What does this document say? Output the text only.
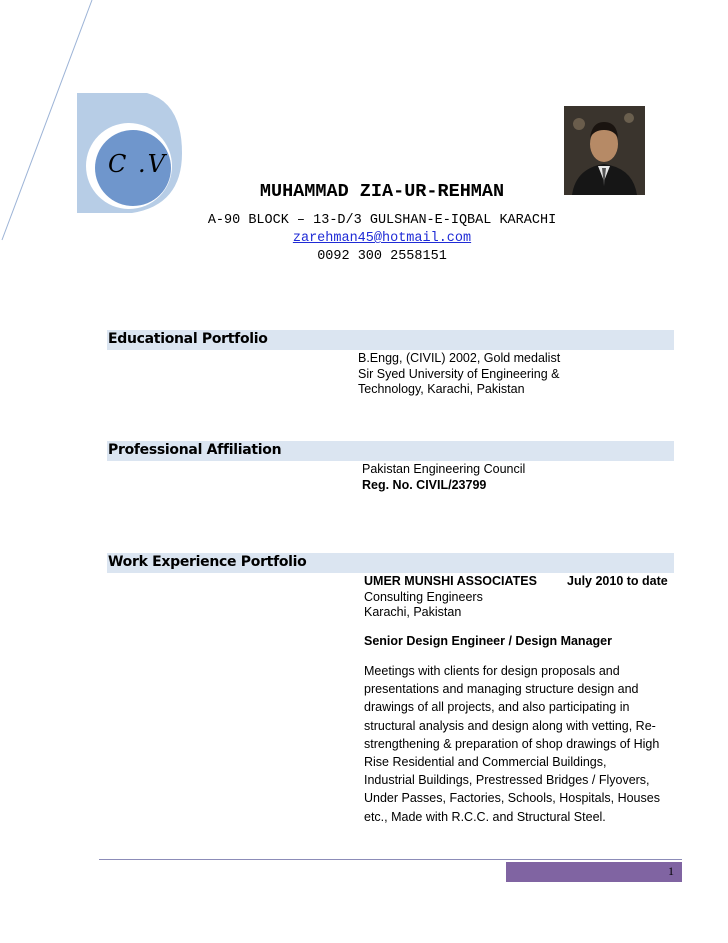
C .V
MUHAMMAD ZIA-UR-REHMAN
A-90 BLOCK – 13-D/3 GULSHAN-E-IQBAL KARACHI
zarehman45@hotmail.com
0092 300 2558151
Educational Portfolio
B.Engg, (CIVIL) 2002, Gold medalist
Sir Syed University of Engineering &
Technology, Karachi, Pakistan
Professional Affiliation
Pakistan Engineering Council
Reg. No. CIVIL/23799
Work Experience Portfolio
UMER MUNSHI ASSOCIATES July 2010 to date
Consulting Engineers
Karachi, Pakistan
Senior Design Engineer / Design Manager
Meetings with clients for design proposals and
presentations and managing structure design and
drawings of all projects, and also participating in
structural analysis and design along with vetting, Re-
strengthening & preparation of shop drawings of High
Rise Residential and Commercial Buildings,
Industrial Buildings, Prestressed Bridges / Flyovers,
Under Passes, Factories, Schools, Hospitals, Houses
etc., Made with R.C.C. and Structural Steel.
1
